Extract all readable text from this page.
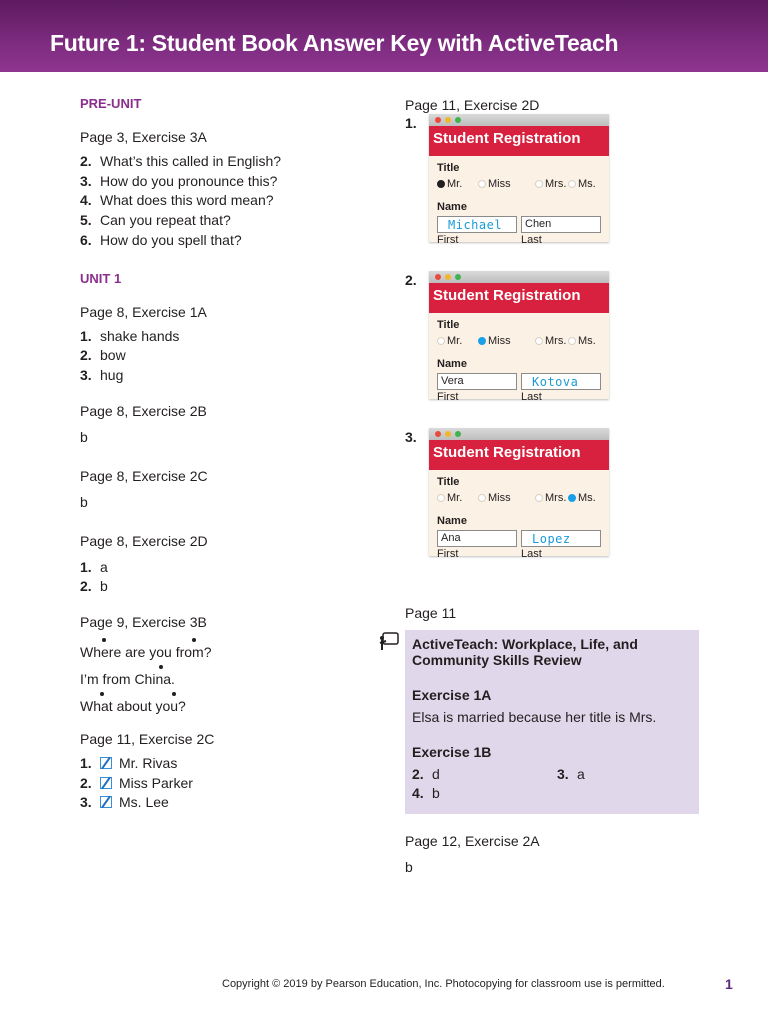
Future 1: Student Book Answer Key with ActiveTeach
PRE-UNIT
Page 3, Exercise 3A
2. What’s this called in English?
3. How do you pronounce this?
4. What does this word mean?
5. Can you repeat that?
6. How do you spell that?
UNIT 1
Page 8, Exercise 1A
1. shake hands
2. bow
3. hug
Page 8, Exercise 2B
b
Page 8, Exercise 2C
b
Page 8, Exercise 2D
1. a
2. b
Page 9, Exercise 3B
Where are you from?
I’m from China.
What about you?
Page 11, Exercise 2C
1. Mr. Rivas
2. Miss Parker
3. Ms. Lee
Page 11, Exercise 2D
1.
Student Registration
Title
Mr.	Miss	Mrs.	Ms.
Name
Michael	Chen
First	Last
2.
Student Registration
Title
Mr.	Miss	Mrs.	Ms.
Name
Vera	Kotova
First	Last
3.
Student Registration
Title
Mr.	Miss	Mrs.	Ms.
Name
Ana	Lopez
First	Last
Page 11
ActiveTeach: Workplace, Life, and Community Skills Review
Exercise 1A
Elsa is married because her title is Mrs.
Exercise 1B
2. d	3. a
4. b
Page 12, Exercise 2A
b
Copyright © 2019 by Pearson Education, Inc. Photocopying for classroom use is permitted.	1
